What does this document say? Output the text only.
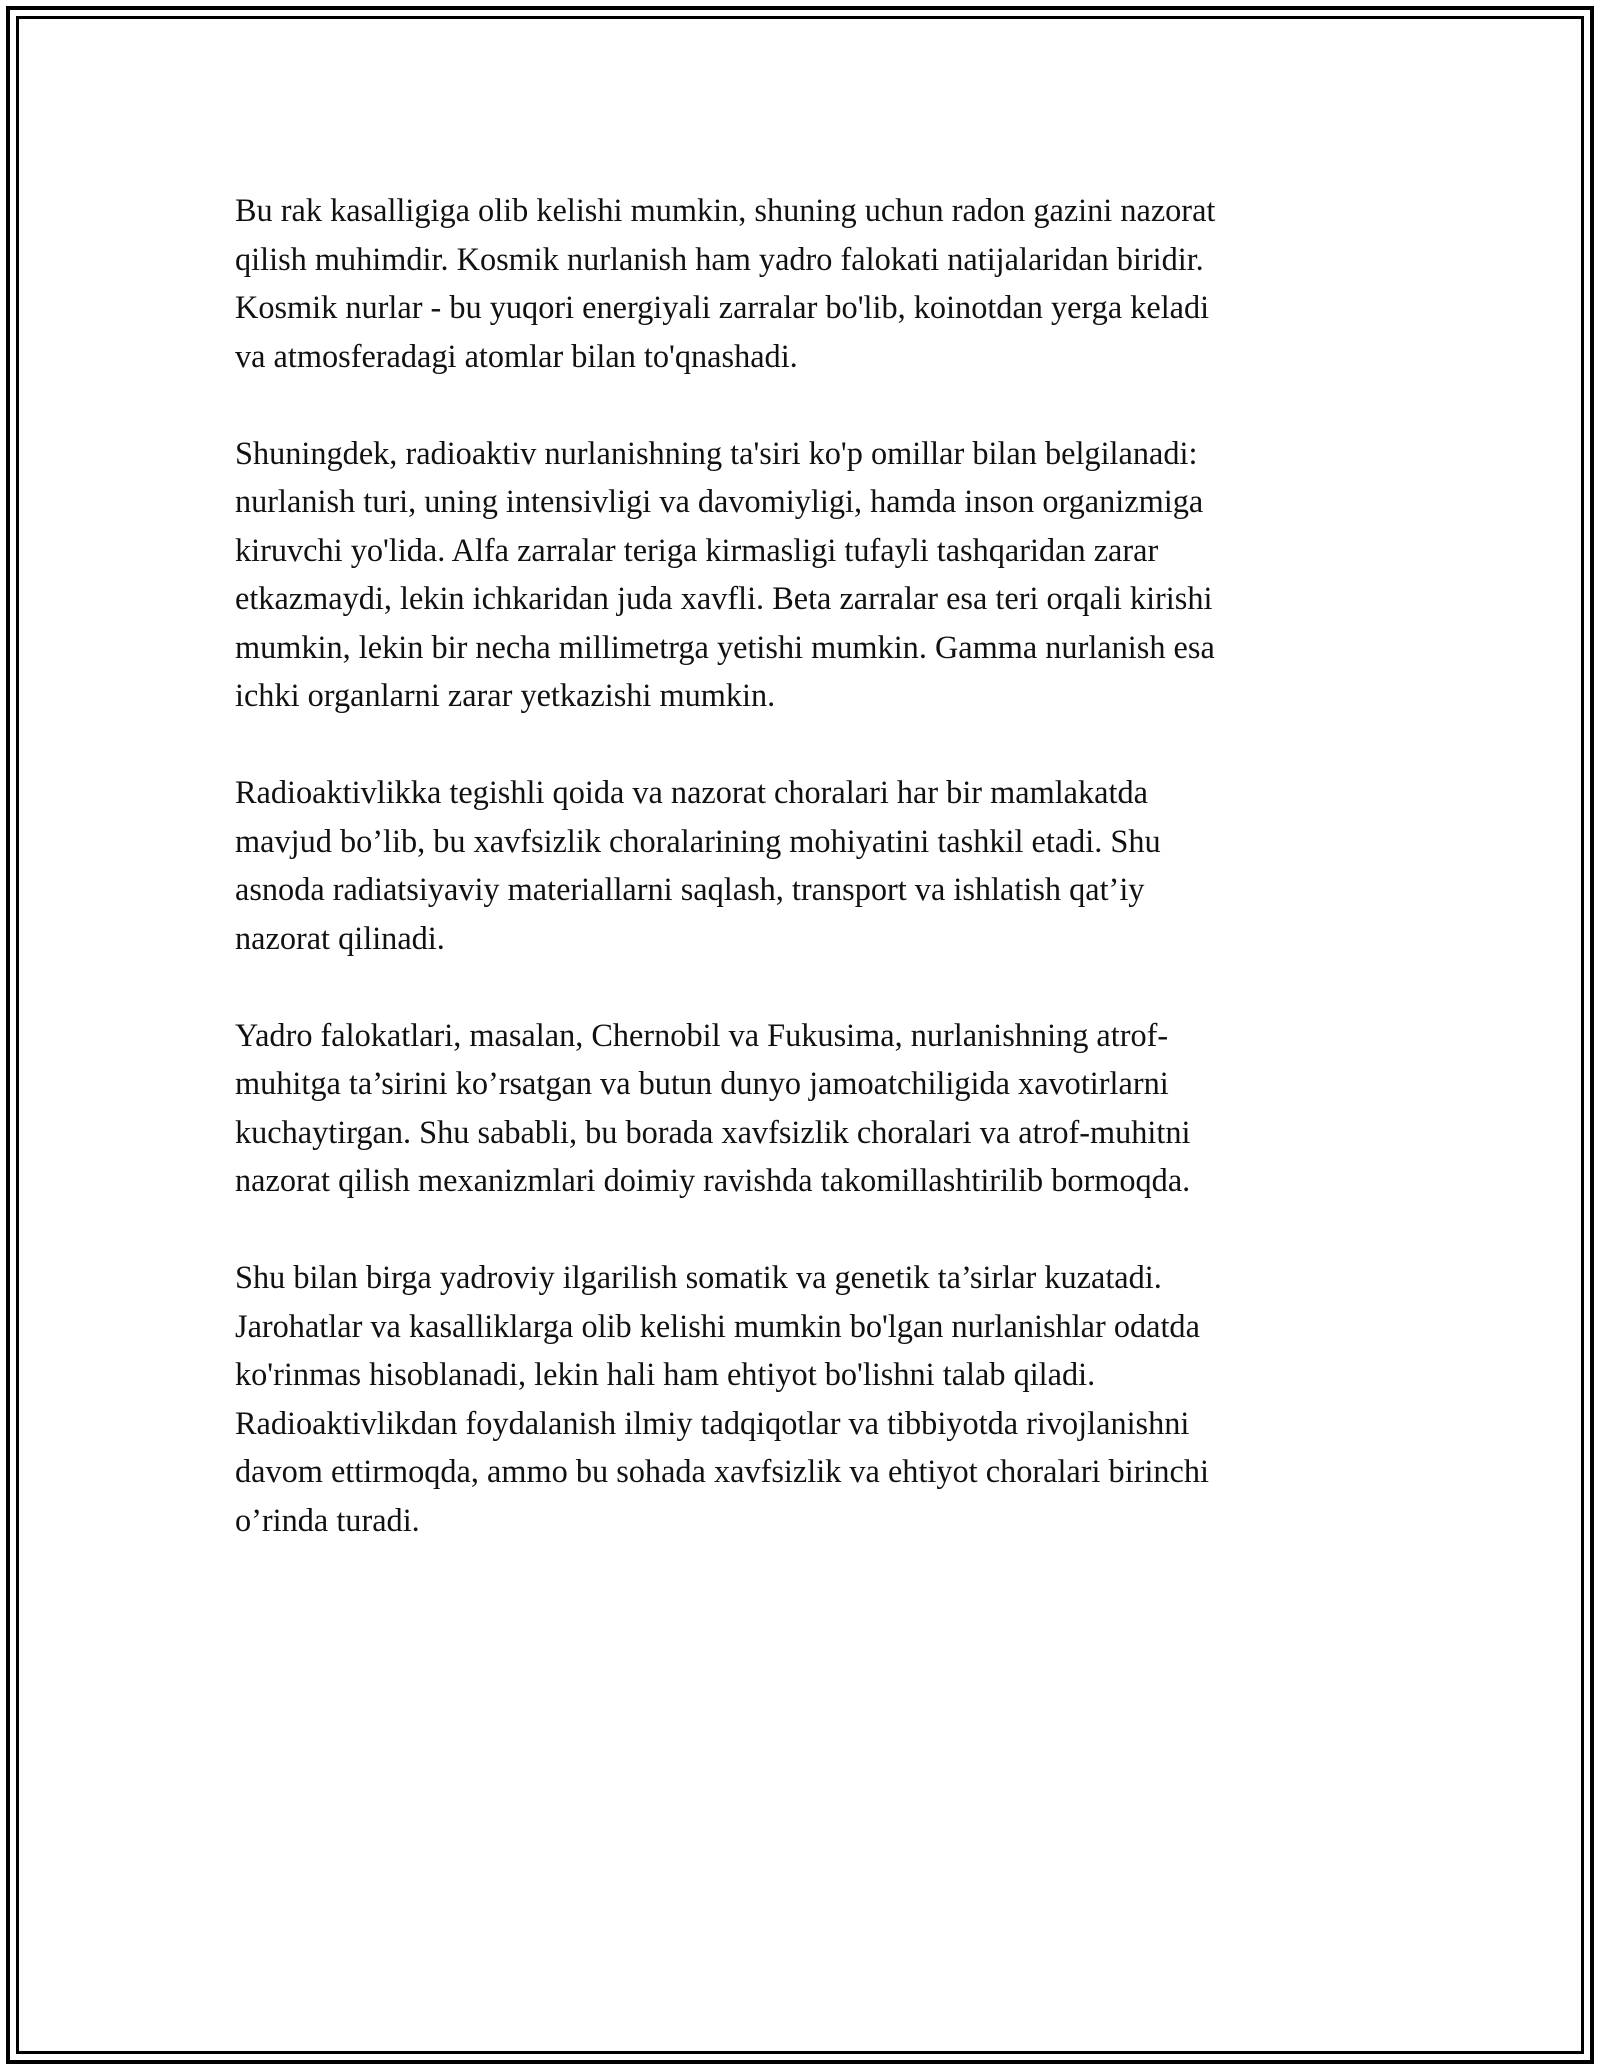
Bu rak kasalligiga olib kelishi mumkin, shuning uchun radon gazini nazorat
qilish muhimdir. Kosmik nurlanish ham yadro falokati natijalaridan biridir.
Kosmik nurlar - bu yuqori energiyali zarralar bo'lib, koinotdan yerga keladi
va atmosferadagi atomlar bilan to'qnashadi.

Shuningdek, radioaktiv nurlanishning ta'siri ko'p omillar bilan belgilanadi:
nurlanish turi, uning intensivligi va davomiyligi, hamda inson organizmiga
kiruvchi yo'lida. Alfa zarralar teriga kirmasligi tufayli tashqaridan zarar
etkazmaydi, lekin ichkaridan juda xavfli. Beta zarralar esa teri orqali kirishi
mumkin, lekin bir necha millimetrga yetishi mumkin. Gamma nurlanish esa
ichki organlarni zarar yetkazishi mumkin.

Radioaktivlikka tegishli qoida va nazorat choralari har bir mamlakatda
mavjud bo’lib, bu xavfsizlik choralarining mohiyatini tashkil etadi. Shu
asnoda radiatsiyaviy materiallarni saqlash, transport va ishlatish qat’iy
nazorat qilinadi.

Yadro falokatlari, masalan, Chernobil va Fukusima, nurlanishning atrof-
muhitga ta’sirini ko’rsatgan va butun dunyo jamoatchiligida xavotirlarni
kuchaytirgan. Shu sababli, bu borada xavfsizlik choralari va atrof-muhitni
nazorat qilish mexanizmlari doimiy ravishda takomillashtirilib bormoqda.

Shu bilan birga yadroviy ilgarilish somatik va genetik ta’sirlar kuzatadi.
Jarohatlar va kasalliklarga olib kelishi mumkin bo'lgan nurlanishlar odatda
ko'rinmas hisoblanadi, lekin hali ham ehtiyot bo'lishni talab qiladi.
Radioaktivlikdan foydalanish ilmiy tadqiqotlar va tibbiyotda rivojlanishni
davom ettirmoqda, ammo bu sohada xavfsizlik va ehtiyot choralari birinchi
o’rinda turadi.
